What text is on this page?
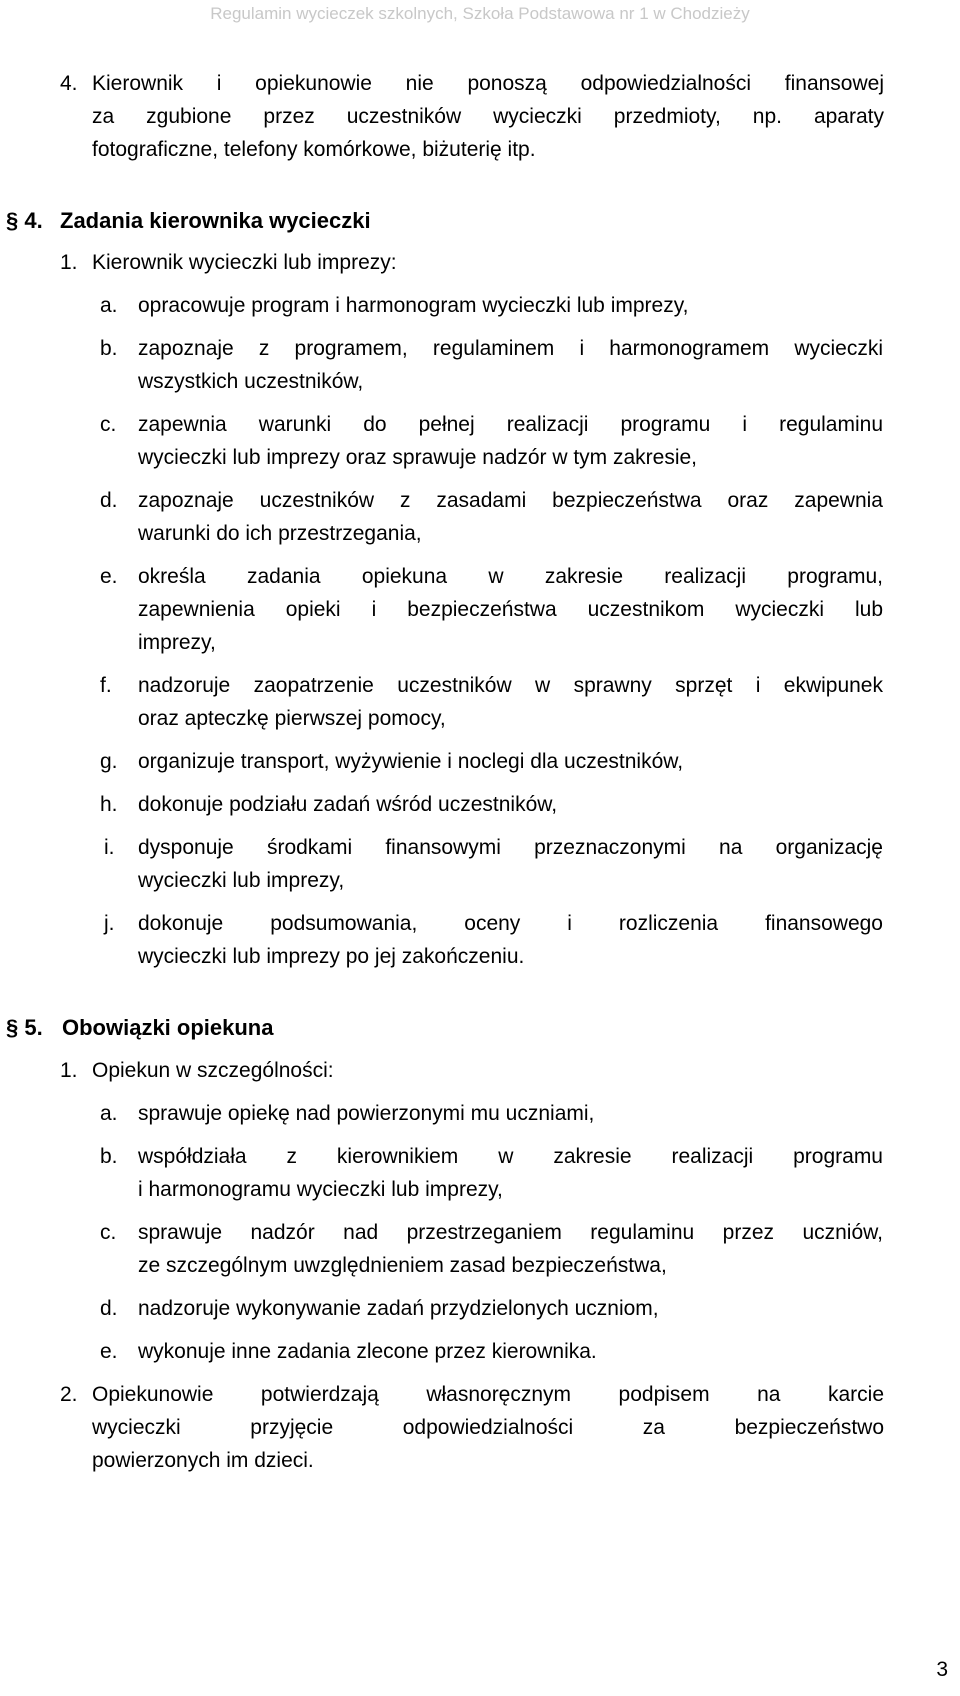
Regulamin wycieczek szkolnych, Szkoła Podstawowa nr 1 w Chodzieży
4. Kierownik i opiekunowie nie ponoszą odpowiedzialności finansowej
za zgubione przez uczestników wycieczki przedmioty, np. aparaty
fotograficzne, telefony komórkowe, biżuterię itp.
§ 4. Zadania kierownika wycieczki
1. Kierownik wycieczki lub imprezy:
a. opracowuje program i harmonogram wycieczki lub imprezy,
b. zapoznaje z programem, regulaminem i harmonogramem wycieczki
wszystkich uczestników,
c. zapewnia warunki do pełnej realizacji programu i regulaminu
wycieczki lub imprezy oraz sprawuje nadzór w tym zakresie,
d. zapoznaje uczestników z zasadami bezpieczeństwa oraz zapewnia
warunki do ich przestrzegania,
e. określa zadania opiekuna w zakresie realizacji programu,
zapewnienia opieki i bezpieczeństwa uczestnikom wycieczki lub
imprezy,
f. nadzoruje zaopatrzenie uczestników w sprawny sprzęt i ekwipunek
oraz apteczkę pierwszej pomocy,
g. organizuje transport, wyżywienie i noclegi dla uczestników,
h. dokonuje podziału zadań wśród uczestników,
i. dysponuje środkami finansowymi przeznaczonymi na organizację
wycieczki lub imprezy,
j. dokonuje podsumowania, oceny i rozliczenia finansowego
wycieczki lub imprezy po jej zakończeniu.
§ 5. Obowiązki opiekuna
1. Opiekun w szczególności:
a. sprawuje opiekę nad powierzonymi mu uczniami,
b. współdziała z kierownikiem w zakresie realizacji programu
i harmonogramu wycieczki lub imprezy,
c. sprawuje nadzór nad przestrzeganiem regulaminu przez uczniów,
ze szczególnym uwzględnieniem zasad bezpieczeństwa,
d. nadzoruje wykonywanie zadań przydzielonych uczniom,
e. wykonuje inne zadania zlecone przez kierownika.
2. Opiekunowie potwierdzają własnoręcznym podpisem na karcie
wycieczki przyjęcie odpowiedzialności za bezpieczeństwo
powierzonych im dzieci.
3
